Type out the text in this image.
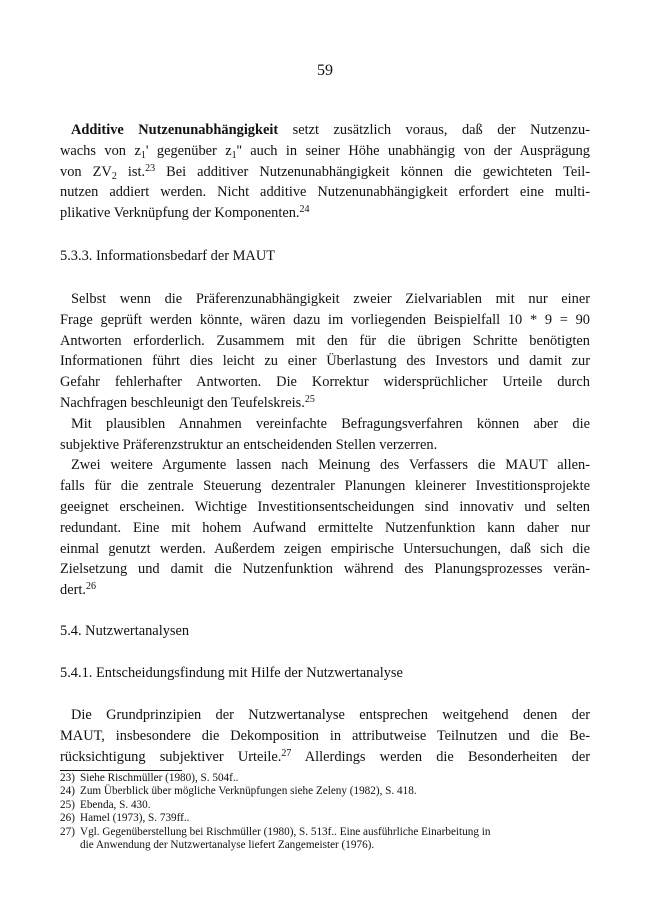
59
Additive Nutzenunabhängigkeit setzt zusätzlich voraus, daß der Nutzenzu-
wachs von $z_1'$ gegenüber $z_1''$ auch in seiner Höhe unabhängig von der Ausprägung
von $ZV_2$ ist.$^{23}$ Bei additiver Nutzenunabhängigkeit können die gewichteten Teil-
nutzen addiert werden. Nicht additive Nutzenunabhängigkeit erfordert eine multi-
plikative Verknüpfung der Komponenten.$^{24}$
5.3.3. Informationsbedarf der MAUT
Selbst wenn die Präferenzunabhängigkeit zweier Zielvariablen mit nur einer
Frage geprüft werden könnte, wären dazu im vorliegenden Beispielfall 10 * 9 = 90
Antworten erforderlich. Zusammem mit den für die übrigen Schritte benötigten
Informationen führt dies leicht zu einer Überlastung des Investors und damit zur
Gefahr fehlerhafter Antworten. Die Korrektur widersprüchlicher Urteile durch
Nachfragen beschleunigt den Teufelskreis.$^{25}$
Mit plausiblen Annahmen vereinfachte Befragungsverfahren können aber die
subjektive Präferenzstruktur an entscheidenden Stellen verzerren.
Zwei weitere Argumente lassen nach Meinung des Verfassers die MAUT allen-
falls für die zentrale Steuerung dezentraler Planungen kleinerer Investitionsprojekte
geeignet erscheinen. Wichtige Investitionsentscheidungen sind innovativ und selten
redundant. Eine mit hohem Aufwand ermittelte Nutzenfunktion kann daher nur
einmal genutzt werden. Außerdem zeigen empirische Untersuchungen, daß sich die
Zielsetzung und damit die Nutzenfunktion während des Planungsprozesses verän-
dert.$^{26}$
5.4. Nutzwertanalysen
5.4.1. Entscheidungsfindung mit Hilfe der Nutzwertanalyse
Die Grundprinzipien der Nutzwertanalyse entsprechen weitgehend denen der
MAUT, insbesondere die Dekomposition in attributweise Teilnutzen und die Be-
rücksichtigung subjektiver Urteile.$^{27}$ Allerdings werden die Besonderheiten der
23) Siehe Rischmüller (1980), S. 504f..
24) Zum Überblick über mögliche Verknüpfungen siehe Zeleny (1982), S. 418.
25) Ebenda, S. 430.
26) Hamel (1973), S. 739ff..
27) Vgl. Gegenüberstellung bei Rischmüller (1980), S. 513f.. Eine ausführliche Einarbeitung in
die Anwendung der Nutzwertanalyse liefert Zangemeister (1976).
